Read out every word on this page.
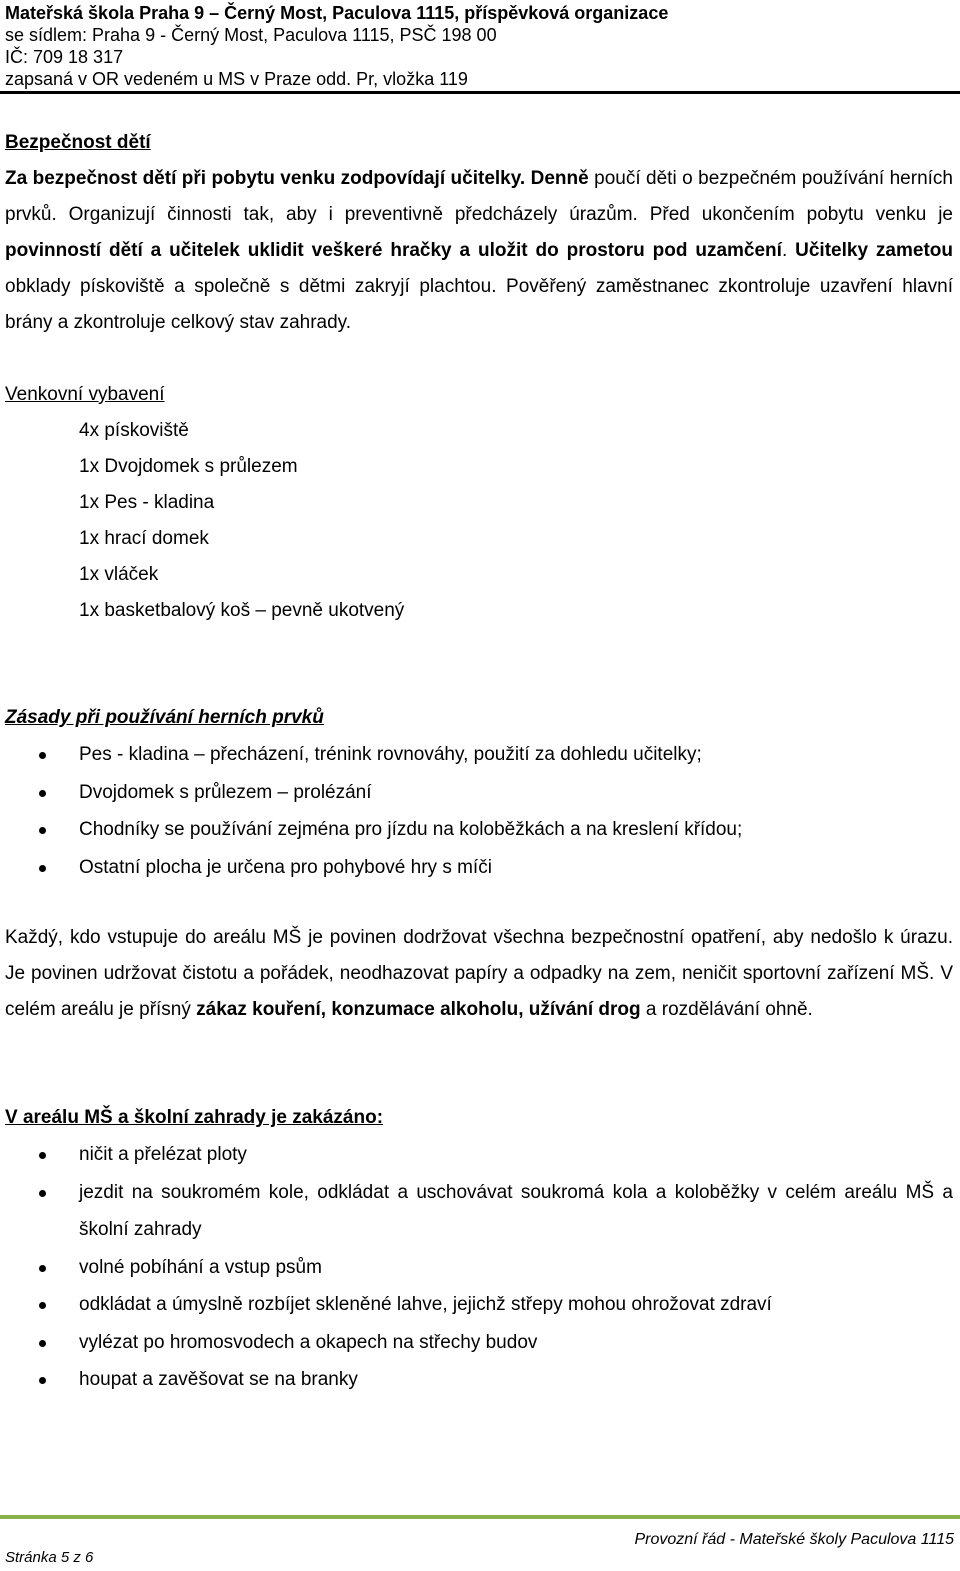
Mateřská škola Praha 9 – Černý Most, Paculova 1115, příspěvková organizace
se sídlem: Praha 9 - Černý Most, Paculova 1115, PSČ 198 00
IČ: 709 18 317
zapsaná v OR vedeném u MS v Praze odd. Pr, vložka 119
Bezpečnost dětí

Za bezpečnost dětí při pobytu venku zodpovídají učitelky. Denně poučí děti o bezpečném používání herních prvků. Organizují činnosti tak, aby i preventivně předcházely úrazům. Před ukončením pobytu venku je povinností dětí a učitelek uklidit veškeré hračky a uložit do prostoru pod uzamčení. Učitelky zametou obklady pískoviště a společně s dětmi zakryjí plachtou. Pověřený zaměstnanec zkontroluje uzavření hlavní brány a zkontroluje celkový stav zahrady.

Venkovní vybavení
4x pískoviště
1x Dvojdomek s průlezem
1x Pes - kladina
1x hrací domek
1x vláček
1x basketbalový koš – pevně ukotvený
Zásady při používání herních prvků
Pes - kladina – přecházení, trénink rovnováhy, použití za dohledu učitelky;
Dvojdomek s průlezem – prolézání
Chodníky se používání zejména pro jízdu na koloběžkách a na kreslení křídou;
Ostatní plocha je určena pro pohybové hry s míči

Každý, kdo vstupuje do areálu MŠ je povinen dodržovat všechna bezpečnostní opatření, aby nedošlo k úrazu. Je povinen udržovat čistotu a pořádek, neodhazovat papíry a odpadky na zem, neničit sportovní zařízení MŠ. V celém areálu je přísný zákaz kouření, konzumace alkoholu, užívání drog a rozdělávání ohně.

V areálu MŠ a školní zahrady je zakázáno:
ničit a přelézat ploty
jezdit na soukromém kole, odkládat a uschovávat soukromá kola a koloběžky v celém areálu MŠ a školní zahrady
volné pobíhání a vstup psům
odkládat a úmyslně rozbíjet skleněné lahve, jejichž střepy mohou ohrožovat zdraví
vylézat po hromosvodech a okapech na střechy budov
houpat a zavěšovat se na branky
Provozní řád - Mateřské školy Paculova 1115
Stránka 5 z 6
